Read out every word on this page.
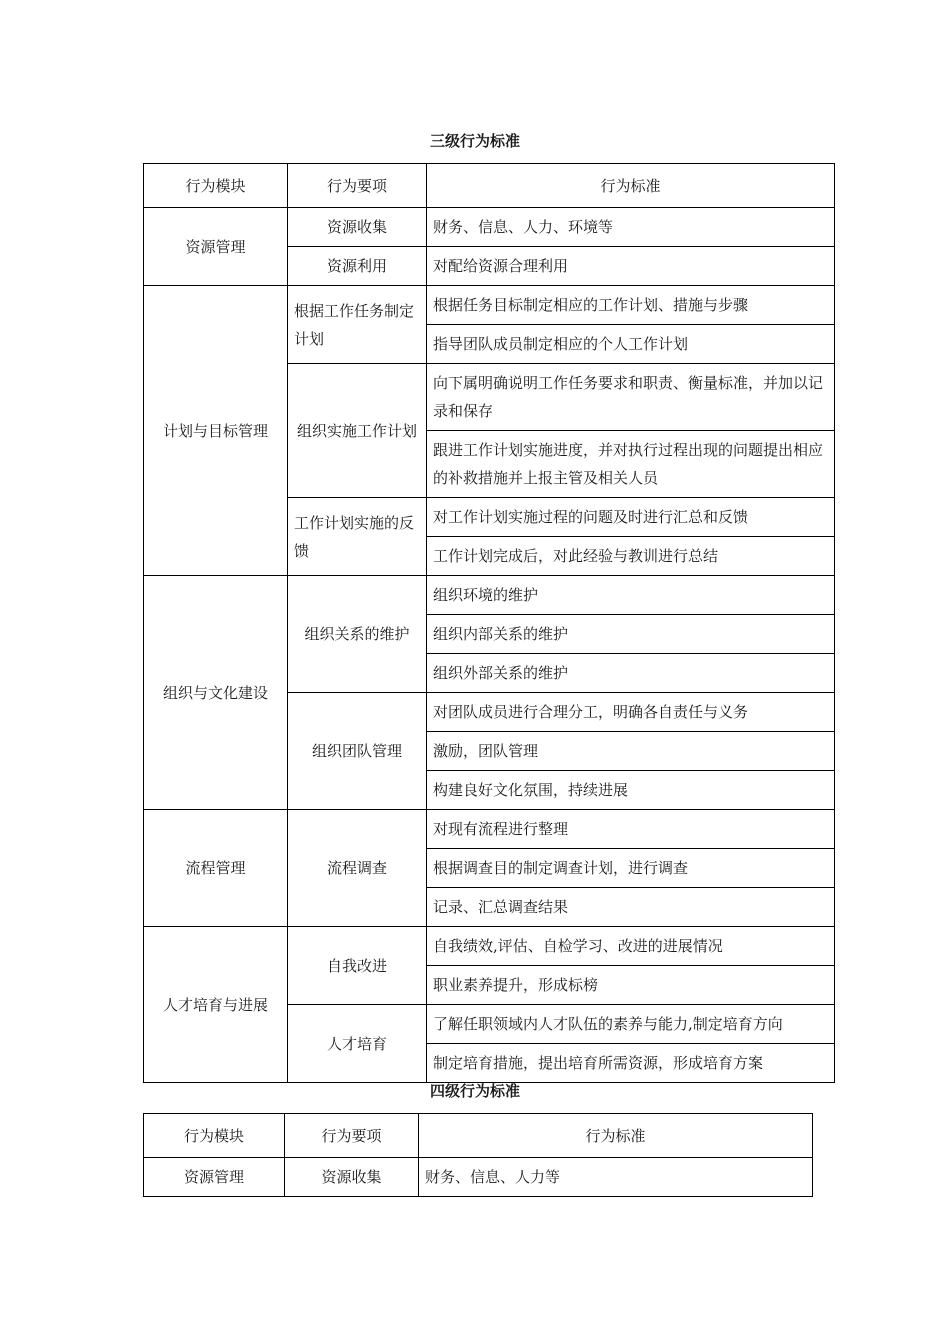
三级行为标准
行为模块	行为要项	行为标准
资源管理	资源收集	财务、信息、人力、环境等
	资源利用	对配给资源合理利用
计划与目标管理	根据工作任务制定计划	根据任务目标制定相应的工作计划、措施与步骤
		指导团队成员制定相应的个人工作计划
	组织实施工作计划	向下属明确说明工作任务要求和职责、衡量标准，并加以记录和保存
		跟进工作计划实施进度，并对执行过程出现的问题提出相应的补救措施并上报主管及相关人员
	工作计划实施的反馈	对工作计划实施过程的问题及时进行汇总和反馈
		工作计划完成后，对此经验与教训进行总结
组织与文化建设	组织关系的维护	组织环境的维护
		组织内部关系的维护
		组织外部关系的维护
	组织团队管理	对团队成员进行合理分工，明确各自责任与义务
		激励，团队管理
		构建良好文化氛围，持续进展
流程管理	流程调查	对现有流程进行整理
		根据调查目的制定调查计划，进行调查
		记录、汇总调查结果
人才培育与进展	自我改进	自我绩效,评估、自检学习、改进的进展情况
		职业素养提升，形成标榜
	人才培育	了解任职领域内人才队伍的素养与能力,制定培育方向
		制定培育措施，提出培育所需资源，形成培育方案
四级行为标准
行为模块	行为要项	行为标准
资源管理	资源收集	财务、信息、人力等
